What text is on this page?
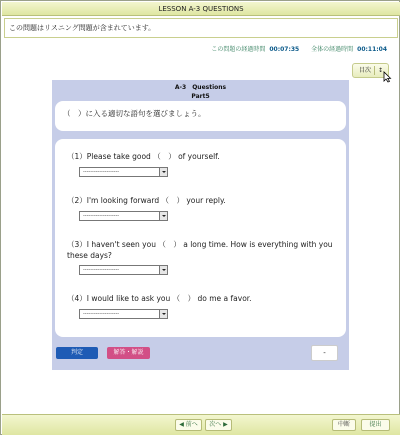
LESSON A-3 QUESTIONS
この問題はリスニング問題が含まれています。
この問題の経過時間 00:07:35 全体の経過時間 00:11:04
目次 ↕
A-3　Questions
Part5
（　）に入る適切な語句を選びましょう。
（1）Please take good （　） of yourself.
--------------------
（2）I'm looking forward （　） your reply.
--------------------
（3）I haven't seen you （　） a long time. How is everything with you these days?
--------------------
（4）I would like to ask you （　） do me a favor.
--------------------
判定	解答・解説	-
◀ 前へ	次へ ▶	中断	提出
